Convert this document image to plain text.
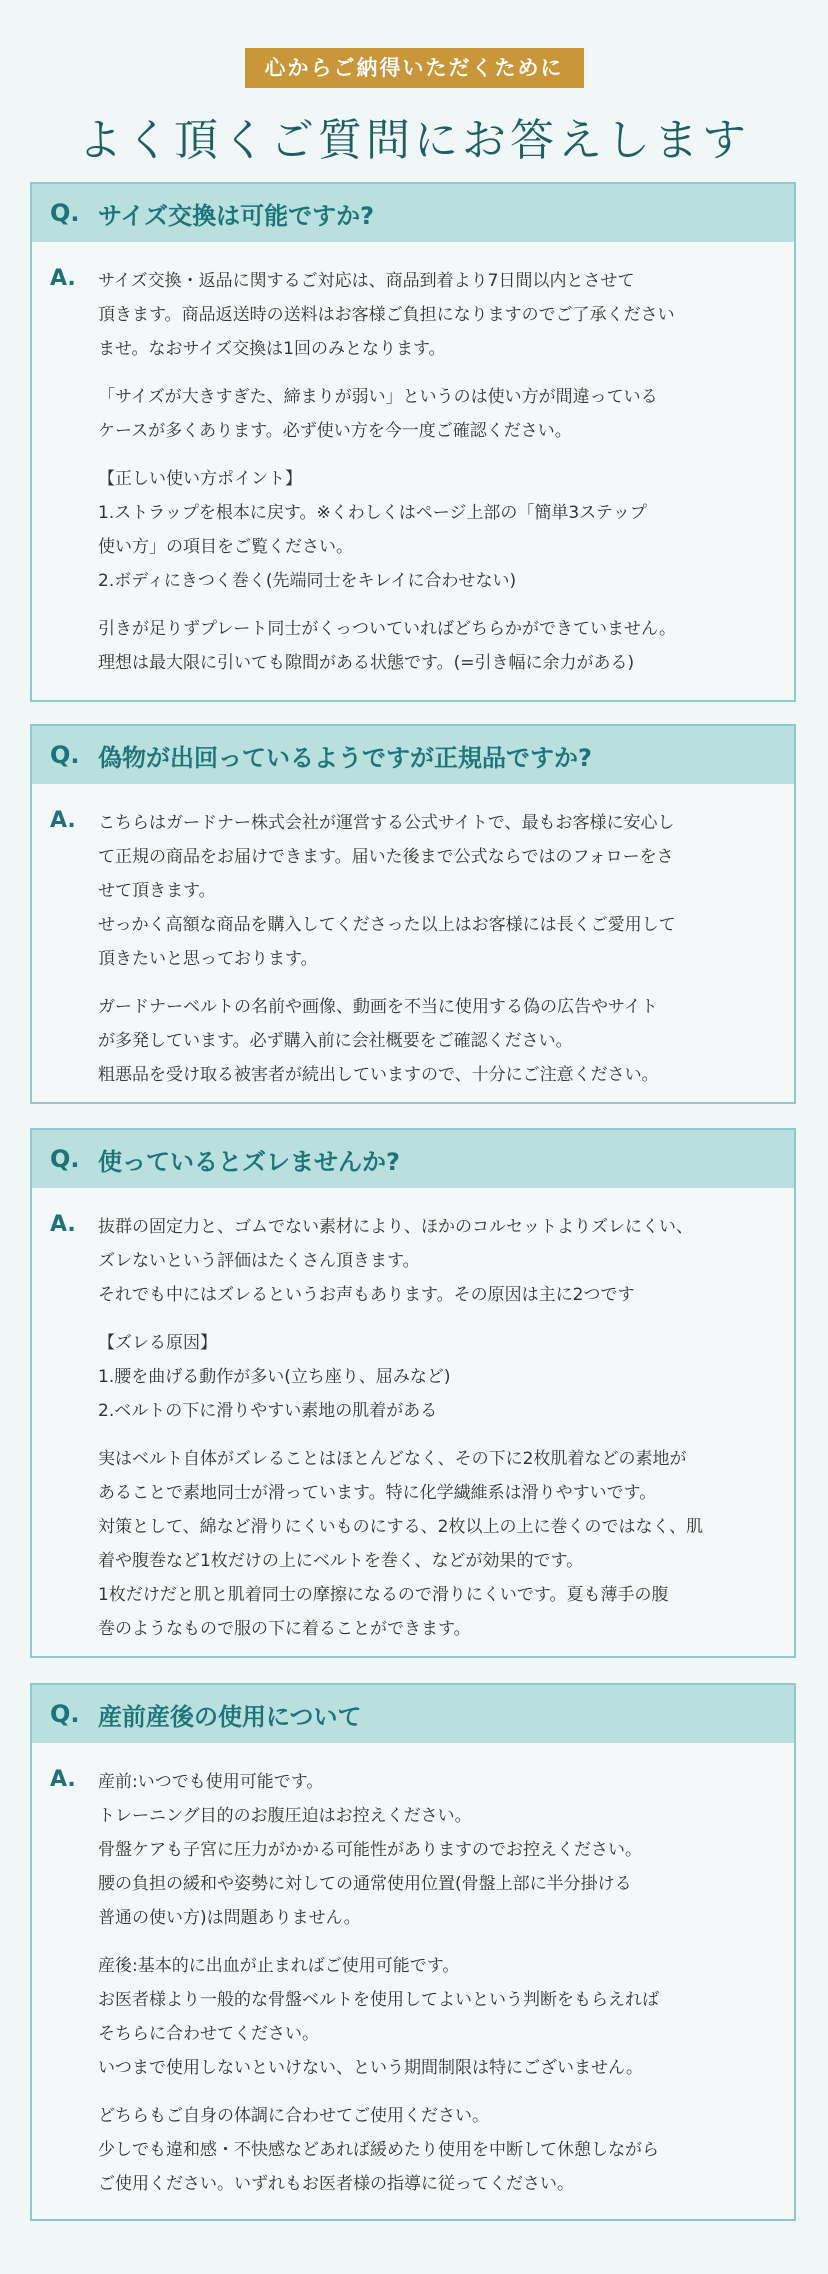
心からご納得いただくために
よく頂くご質問にお答えします
Q. サイズ交換は可能ですか?
A.	サイズ交換・返品に関するご対応は、商品到着より7日間以内とさせて
頂きます。商品返送時の送料はお客様ご負担になりますのでご了承ください
ませ。なおサイズ交換は1回のみとなります。
「サイズが大きすぎた、締まりが弱い」というのは使い方が間違っている
ケースが多くあります。必ず使い方を今一度ご確認ください。
【正しい使い方ポイント】
1.ストラップを根本に戻す。※くわしくはページ上部の「簡単3ステップ
使い方」の項目をご覧ください。
2.ボディにきつく巻く(先端同士をキレイに合わせない)
引きが足りずプレート同士がくっついていればどちらかができていません。
理想は最大限に引いても隙間がある状態です。(=引き幅に余力がある)
Q. 偽物が出回っているようですが正規品ですか?
A.	こちらはガードナー株式会社が運営する公式サイトで、最もお客様に安心し
て正規の商品をお届けできます。届いた後まで公式ならではのフォローをさ
せて頂きます。
せっかく高額な商品を購入してくださった以上はお客様には長くご愛用して
頂きたいと思っております。
ガードナーベルトの名前や画像、動画を不当に使用する偽の広告やサイト
が多発しています。必ず購入前に会社概要をご確認ください。
粗悪品を受け取る被害者が続出していますので、十分にご注意ください。
Q. 使っているとズレませんか?
A.	抜群の固定力と、ゴムでない素材により、ほかのコルセットよりズレにくい、
ズレないという評価はたくさん頂きます。
それでも中にはズレるというお声もあります。その原因は主に2つです
【ズレる原因】
1.腰を曲げる動作が多い(立ち座り、屈みなど)
2.ベルトの下に滑りやすい素地の肌着がある
実はベルト自体がズレることはほとんどなく、その下に2枚肌着などの素地が
あることで素地同士が滑っています。特に化学繊維系は滑りやすいです。
対策として、綿など滑りにくいものにする、2枚以上の上に巻くのではなく、肌
着や腹巻など1枚だけの上にベルトを巻く、などが効果的です。
1枚だけだと肌と肌着同士の摩擦になるので滑りにくいです。夏も薄手の腹
巻のようなもので服の下に着ることができます。
Q. 産前産後の使用について
A.	産前:いつでも使用可能です。
トレーニング目的のお腹圧迫はお控えください。
骨盤ケアも子宮に圧力がかかる可能性がありますのでお控えください。
腰の負担の緩和や姿勢に対しての通常使用位置(骨盤上部に半分掛ける
普通の使い方)は問題ありません。
産後:基本的に出血が止まればご使用可能です。
お医者様より一般的な骨盤ベルトを使用してよいという判断をもらえれば
そちらに合わせてください。
いつまで使用しないといけない、という期間制限は特にございません。
どちらもご自身の体調に合わせてご使用ください。
少しでも違和感・不快感などあれば緩めたり使用を中断して休憩しながら
ご使用ください。いずれもお医者様の指導に従ってください。
